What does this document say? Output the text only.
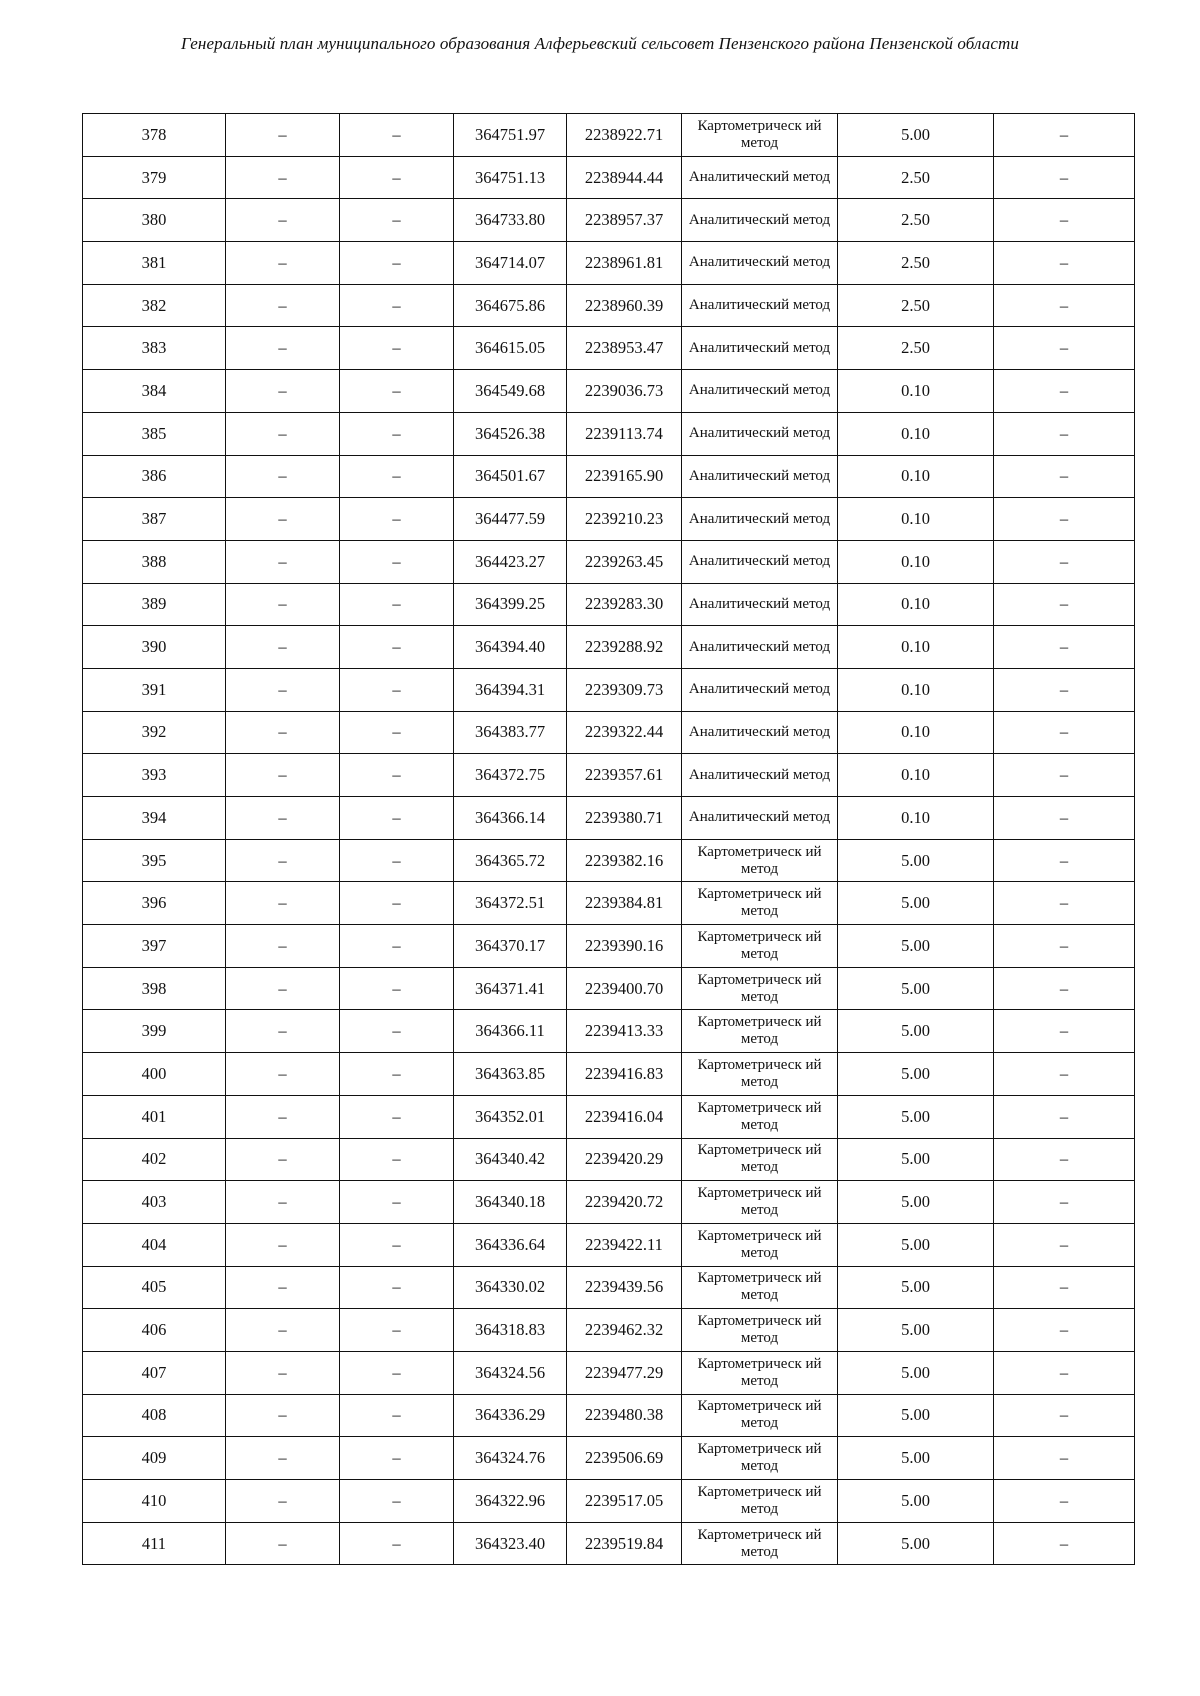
Генеральный план муниципального образования Алферьевский сельсовет Пензенского района Пензенской области
378	–	–	364751.97	2238922.71	Картометрическ ий метод	5.00	–
379	–	–	364751.13	2238944.44	Аналитический метод	2.50	–
380	–	–	364733.80	2238957.37	Аналитический метод	2.50	–
381	–	–	364714.07	2238961.81	Аналитический метод	2.50	–
382	–	–	364675.86	2238960.39	Аналитический метод	2.50	–
383	–	–	364615.05	2238953.47	Аналитический метод	2.50	–
384	–	–	364549.68	2239036.73	Аналитический метод	0.10	–
385	–	–	364526.38	2239113.74	Аналитический метод	0.10	–
386	–	–	364501.67	2239165.90	Аналитический метод	0.10	–
387	–	–	364477.59	2239210.23	Аналитический метод	0.10	–
388	–	–	364423.27	2239263.45	Аналитический метод	0.10	–
389	–	–	364399.25	2239283.30	Аналитический метод	0.10	–
390	–	–	364394.40	2239288.92	Аналитический метод	0.10	–
391	–	–	364394.31	2239309.73	Аналитический метод	0.10	–
392	–	–	364383.77	2239322.44	Аналитический метод	0.10	–
393	–	–	364372.75	2239357.61	Аналитический метод	0.10	–
394	–	–	364366.14	2239380.71	Аналитический метод	0.10	–
395	–	–	364365.72	2239382.16	Картометрическ ий метод	5.00	–
396	–	–	364372.51	2239384.81	Картометрическ ий метод	5.00	–
397	–	–	364370.17	2239390.16	Картометрическ ий метод	5.00	–
398	–	–	364371.41	2239400.70	Картометрическ ий метод	5.00	–
399	–	–	364366.11	2239413.33	Картометрическ ий метод	5.00	–
400	–	–	364363.85	2239416.83	Картометрическ ий метод	5.00	–
401	–	–	364352.01	2239416.04	Картометрическ ий метод	5.00	–
402	–	–	364340.42	2239420.29	Картометрическ ий метод	5.00	–
403	–	–	364340.18	2239420.72	Картометрическ ий метод	5.00	–
404	–	–	364336.64	2239422.11	Картометрическ ий метод	5.00	–
405	–	–	364330.02	2239439.56	Картометрическ ий метод	5.00	–
406	–	–	364318.83	2239462.32	Картометрическ ий метод	5.00	–
407	–	–	364324.56	2239477.29	Картометрическ ий метод	5.00	–
408	–	–	364336.29	2239480.38	Картометрическ ий метод	5.00	–
409	–	–	364324.76	2239506.69	Картометрическ ий метод	5.00	–
410	–	–	364322.96	2239517.05	Картометрическ ий метод	5.00	–
411	–	–	364323.40	2239519.84	Картометрическ ий метод	5.00	–
